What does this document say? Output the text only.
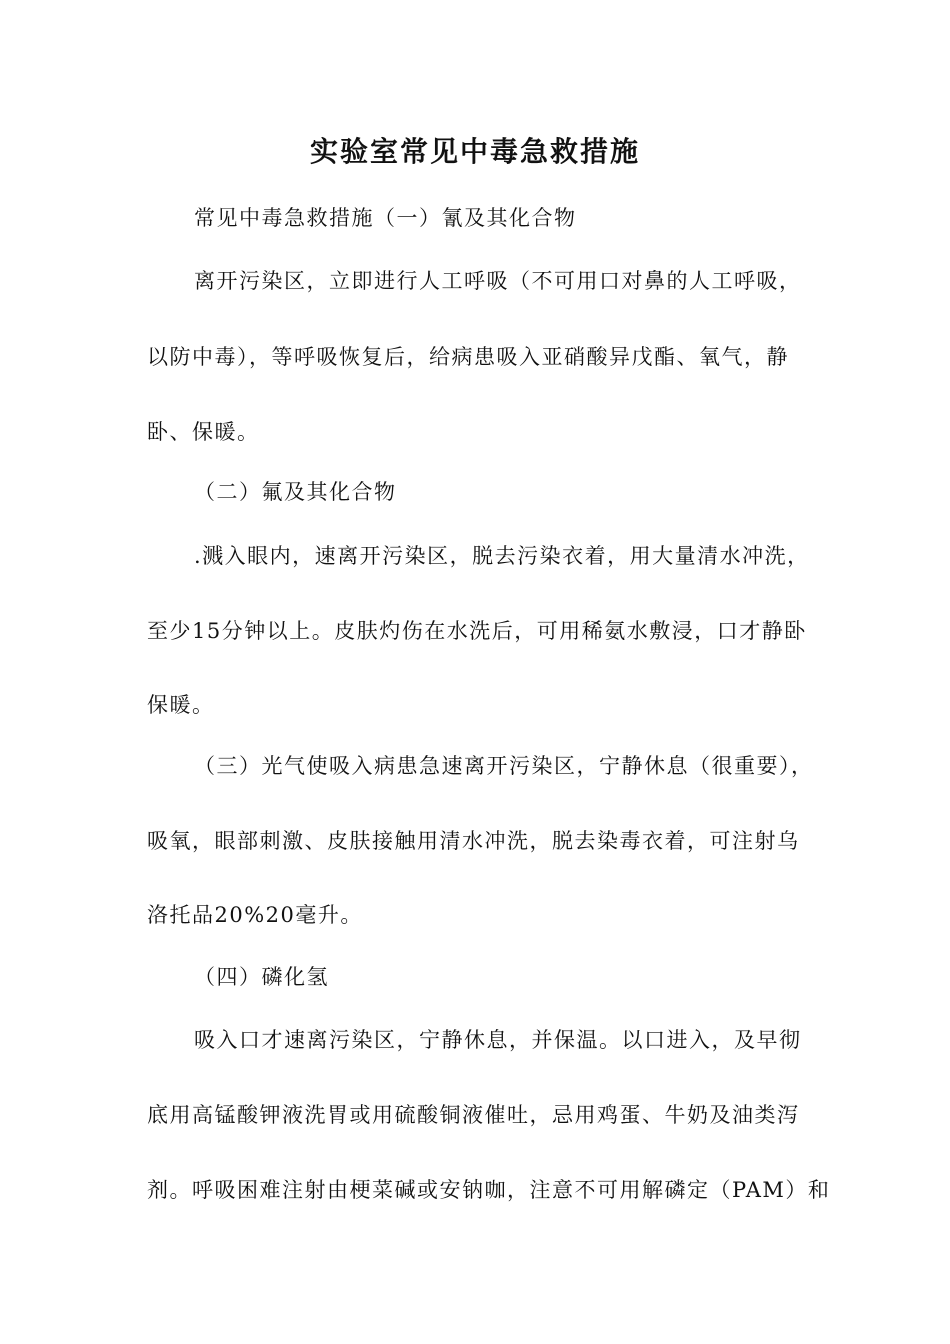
实验室常见中毒急救措施

常见中毒急救措施（一）氰及其化合物

离开污染区，立即进行人工呼吸（不可用口对鼻的人工呼吸，

以防中毒），等呼吸恢复后，给病患吸入亚硝酸异戊酯、氧气，静

卧、保暖。

（二）氟及其化合物

.溅入眼内，速离开污染区，脱去污染衣着，用大量清水冲洗，

至少15分钟以上。皮肤灼伤在水洗后，可用稀氨水敷浸，口才静卧

保暖。

（三）光气使吸入病患急速离开污染区，宁静休息（很重要），

吸氧，眼部刺激、皮肤接触用清水冲洗，脱去染毒衣着，可注射乌

洛托品20%20毫升。

（四）磷化氢

吸入口才速离污染区，宁静休息，并保温。以口进入，及早彻

底用高锰酸钾液洗胃或用硫酸铜液催吐，忌用鸡蛋、牛奶及油类泻

剂。呼吸困难注射由梗菜碱或安钠咖，注意不可用解磷定（PAM）和
